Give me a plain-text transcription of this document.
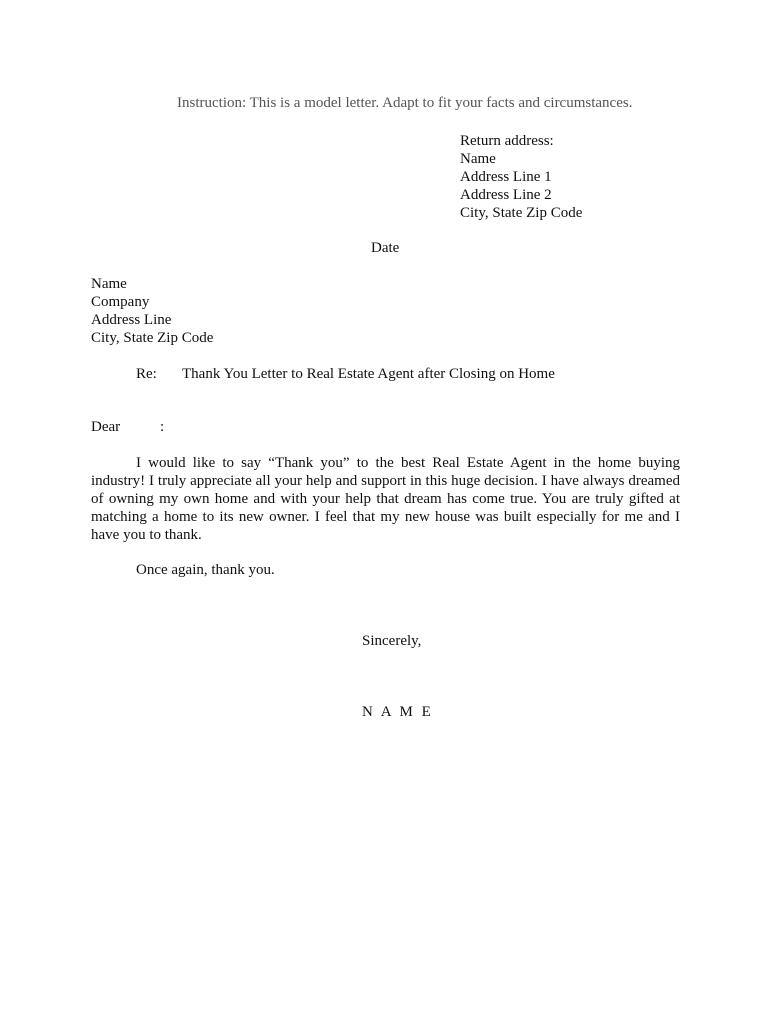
Instruction: This is a model letter. Adapt to fit your facts and circumstances.
Return address:
Name
Address Line 1
Address Line 2
City, State Zip Code
Date
Name
Company
Address Line
City, State Zip Code
Re: Thank You Letter to Real Estate Agent after Closing on Home
Dear	:
I would like to say “Thank you” to the best Real Estate Agent in the home buying industry! I truly appreciate all your help and support in this huge decision. I have always dreamed of owning my own home and with your help that dream has come true. You are truly gifted at matching a home to its new owner. I feel that my new house was built especially for me and I have you to thank.
Once again, thank you.
Sincerely,
N A M E
